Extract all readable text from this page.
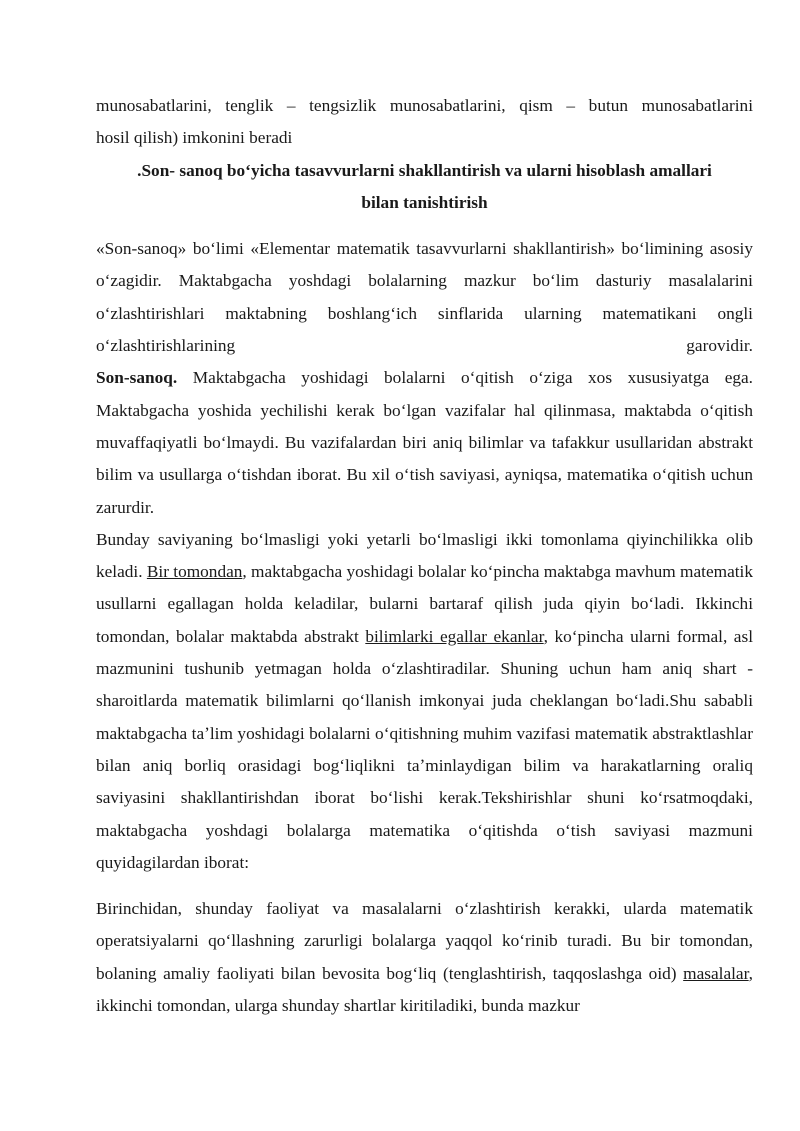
munosabatlarini, tenglik – tengsizlik munosabatlarini, qism – butun munosabatlarini

hosil qilish) imkonini beradi

.Son- sanoq boʻyicha tasavvurlarni shakllantirish va ularni hisoblash amallari
bilan tanishtirish

«Son-sanoq» boʻlimi «Elementar matematik tasavvurlarni shakllantirish» boʻlimining asosiy oʻzagidir. Maktabgacha yoshdagi bolalarning mazkur boʻlim dasturiy masalalarini oʻzlashtirishlari maktabning boshlangʻich sinflarida ularning matematikani ongli oʻzlashtirishlarining garovidir.

Son-sanoq. Maktabgacha yoshidagi bolalarni oʻqitish oʻziga xos xususiyatga ega. Maktabgacha yoshida yechilishi kerak boʻlgan vazifalar hal qilinmasa, maktabda oʻqitish muvaffaqiyatli boʻlmaydi. Bu vazifalardan biri aniq bilimlar va tafakkur usullaridan abstrakt bilim va usullarga oʻtishdan iborat. Bu xil oʻtish saviyasi, ayniqsa, matematika oʻqitish uchun zarurdir.

Bunday saviyaning boʻlmasligi yoki yetarli boʻlmasligi ikki tomonlama qiyinchilikka olib keladi. Bir tomondan, maktabgacha yoshidagi bolalar koʻpincha maktabga mavhum matematik usullarni egallagan holda keladilar, bularni bartaraf qilish juda qiyin boʻladi. Ikkinchi tomondan, bolalar maktabda abstrakt bilimlarki egallar ekanlar, koʻpincha ularni formal, asl mazmunini tushunib yetmagan holda oʻzlashtiradilar. Shuning uchun ham aniq shart - sharoitlarda matematik bilimlarni qoʻllanish imkonyai juda cheklangan boʻladi.Shu sababli maktabgacha taʼlim yoshidagi bolalarni oʻqitishning muhim vazifasi matematik abstraktlashlar bilan aniq borliq orasidagi bogʻliqlikni taʼminlaydigan bilim va harakatlarning oraliq saviyasini shakllantirishdan iborat boʻlishi kerak.Tekshirishlar shuni koʻrsatmoqdaki, maktabgacha yoshdagi bolalarga matematika oʻqitishda oʻtish saviyasi mazmuni quyidagilardan iborat:

Birinchidan, shunday faoliyat va masalalarni oʻzlashtirish kerakki, ularda matematik operatsiyalarni qoʻllashning zarurligi bolalarga yaqqol koʻrinib turadi. Bu bir tomondan, bolaning amaliy faoliyati bilan bevosita bogʻliq (tenglashtirish, taqqoslashga oid) masalalar, ikkinchi tomondan, ularga shunday shartlar kiritiladiki, bunda mazkur
